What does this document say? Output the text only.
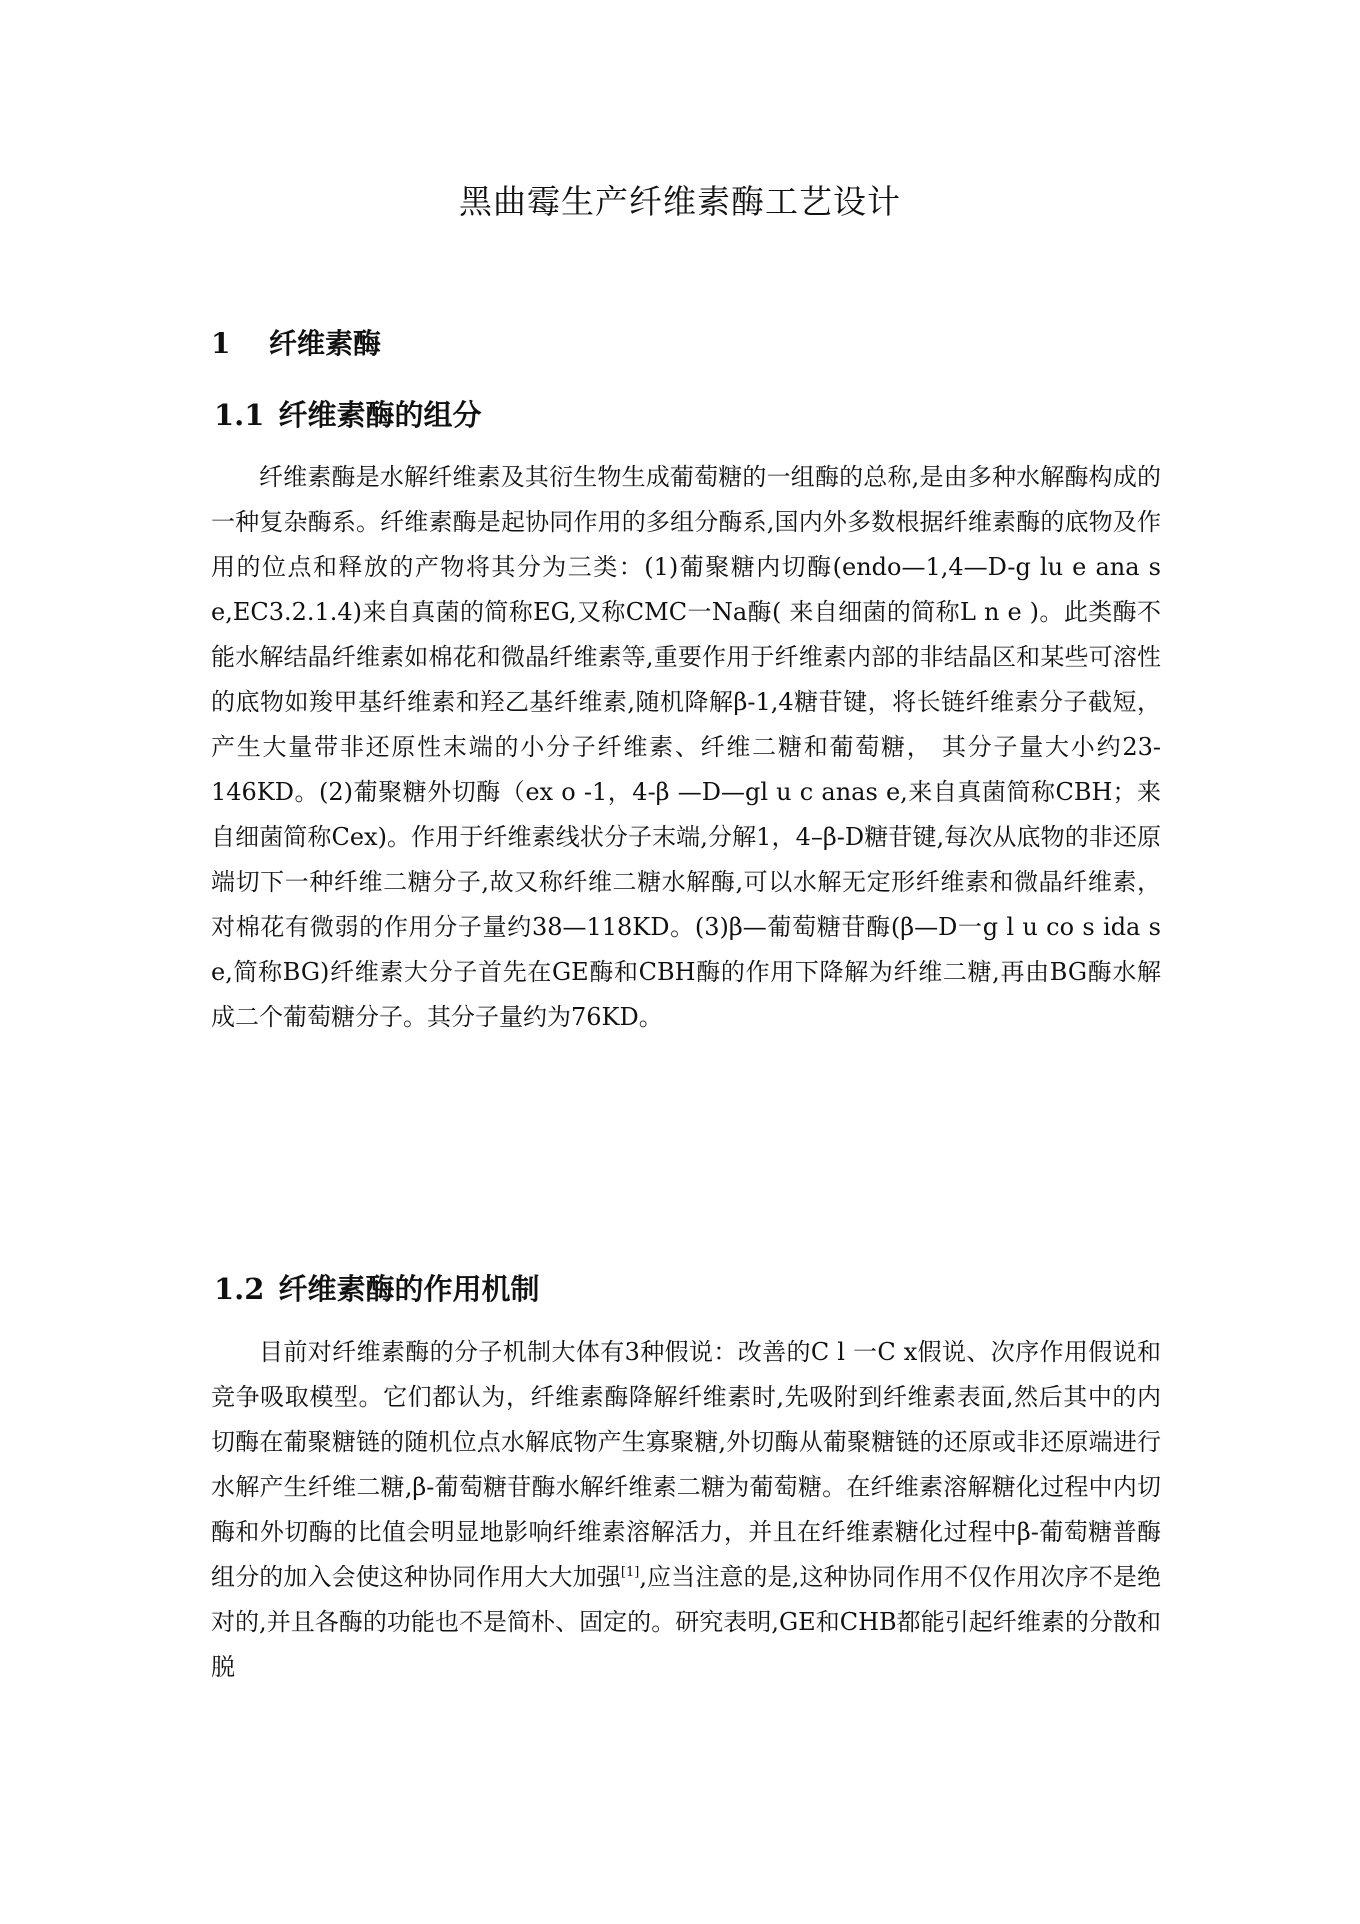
黑曲霉生产纤维素酶工艺设计
1 纤维素酶
1.1 纤维素酶的组分

纤维素酶是水解纤维素及其衍生物生成葡萄糖的一组酶的总称,是由多种水解酶构成的一种复杂酶系。纤维素酶是起协同作用的多组分酶系,国内外多数根据纤维素酶的底物及作用的位点和释放的产物将其分为三类：(1)葡聚糖内切酶(endo—1,4—D-g lu e ana s e,EC3.2.1.4)来自真菌的简称EG,又称CMC一Na酶( 来自细菌的简称L n e )。此类酶不能水解结晶纤维素如棉花和微晶纤维素等,重要作用于纤维素内部的非结晶区和某些可溶性的底物如羧甲基纤维素和羟乙基纤维素,随机降解β-1,4糖苷键，将长链纤维素分子截短，产生大量带非还原性末端的小分子纤维素、纤维二糖和葡萄糖， 其分子量大小约23-146KD。(2)葡聚糖外切酶（ex o -1，4-β —D—gl u c anas e,来自真菌简称CBH；来自细菌简称Cex)。作用于纤维素线状分子末端,分解1，4–β-D糖苷键,每次从底物的非还原端切下一种纤维二糖分子,故又称纤维二糖水解酶,可以水解无定形纤维素和微晶纤维素，对棉花有微弱的作用分子量约38—118KD。(3)β—葡萄糖苷酶(β—D一g l u co s ida s e,简称BG)纤维素大分子首先在GE酶和CBH酶的作用下降解为纤维二糖,再由BG酶水解成二个葡萄糖分子。其分子量约为76KD。

1.2 纤维素酶的作用机制

目前对纤维素酶的分子机制大体有3种假说：改善的C l 一C x假说、次序作用假说和竞争吸取模型。它们都认为，纤维素酶降解纤维素时,先吸附到纤维素表面,然后其中的内切酶在葡聚糖链的随机位点水解底物产生寡聚糖,外切酶从葡聚糖链的还原或非还原端进行水解产生纤维二糖,β-葡萄糖苷酶水解纤维素二糖为葡萄糖。在纤维素溶解糖化过程中内切酶和外切酶的比值会明显地影响纤维素溶解活力，并且在纤维素糖化过程中β-葡萄糖普酶组分的加入会使这种协同作用大大加强[1],应当注意的是,这种协同作用不仅作用次序不是绝对的,并且各酶的功能也不是简朴、固定的。研究表明,GE和CHB都能引起纤维素的分散和脱
